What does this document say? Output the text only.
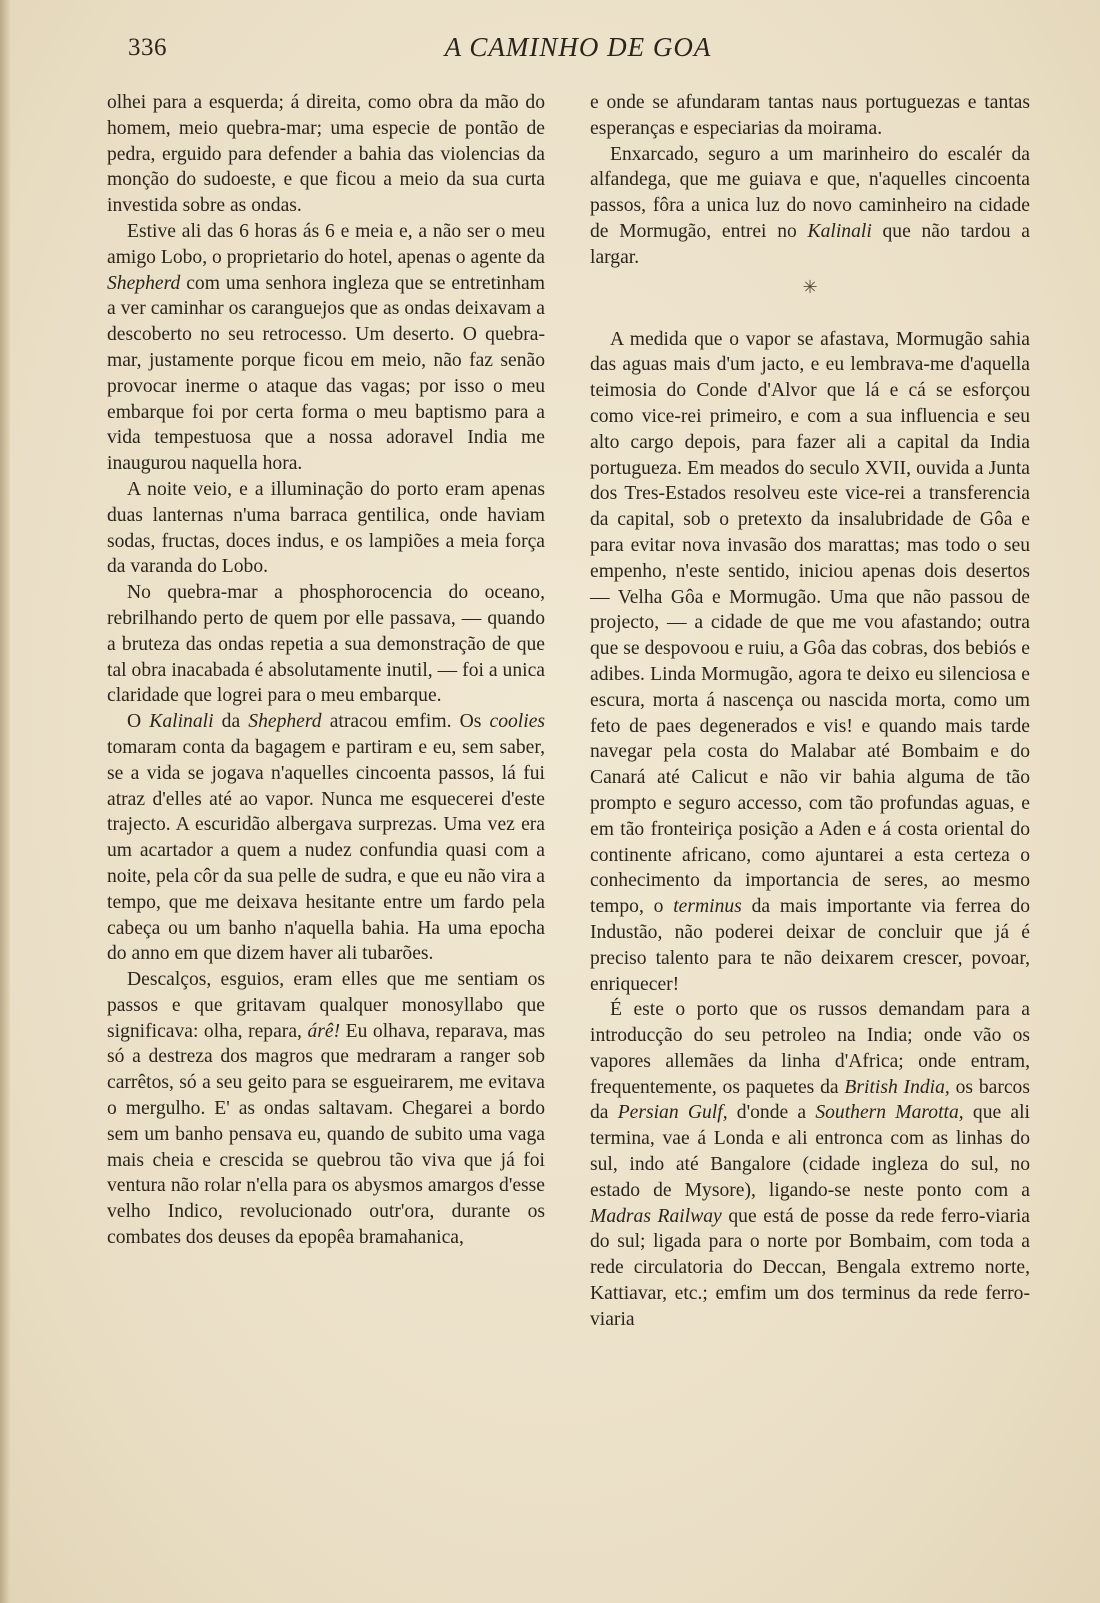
336	A CAMINHO DE GOA

olhei para a esquerda; á direita, como obra da mão do homem, meio quebra-mar; uma especie de pontão de pedra, erguido para defender a bahia das violencias da monção do sudoeste, e que ficou a meio da sua curta investida sobre as ondas.

Estive ali das 6 horas ás 6 e meia e, a não ser o meu amigo Lobo, o proprietario do hotel, apenas o agente da Shepherd com uma senhora ingleza que se entretinham a ver caminhar os caranguejos que as ondas deixavam a descoberto no seu retrocesso. Um deserto. O quebra-mar, justamente porque ficou em meio, não faz senão provocar inerme o ataque das vagas; por isso o meu embarque foi por certa forma o meu baptismo para a vida tempestuosa que a nossa adoravel India me inaugurou naquella hora.

A noite veio, e a illuminação do porto eram apenas duas lanternas n'uma barraca gentilica, onde haviam sodas, fructas, doces indus, e os lampiões a meia força da varanda do Lobo.

No quebra-mar a phosphorocencia do oceano, rebrilhando perto de quem por elle passava, — quando a bruteza das ondas repetia a sua demonstração de que tal obra inacabada é absolutamente inutil, — foi a unica claridade que logrei para o meu embarque.

O Kalinali da Shepherd atracou emfim. Os coolies tomaram conta da bagagem e partiram e eu, sem saber, se a vida se jogava n'aquelles cincoenta passos, lá fui atraz d'elles até ao vapor. Nunca me esquecerei d'este trajecto. A escuridão albergava surprezas. Uma vez era um acartador a quem a nudez confundia quasi com a noite, pela côr da sua pelle de sudra, e que eu não vira a tempo, que me deixava hesitante entre um fardo pela cabeça ou um banho n'aquella bahia. Ha uma epocha do anno em que dizem haver ali tubarões.

Descalços, esguios, eram elles que me sentiam os passos e que gritavam qualquer monosyllabo que significava: olha, repara, árê! Eu olhava, reparava, mas só a destreza dos magros que medraram a ranger sob carrêtos, só a seu geito para se esgueirarem, me evitava o mergulho. E' as ondas saltavam. Chegarei a bordo sem um banho pensava eu, quando de subito uma vaga mais cheia e crescida se quebrou tão viva que já foi ventura não rolar n'ella para os abysmos amargos d'esse velho Indico, revolucionado outr'ora, durante os combates dos deuses da epopêa bramahanica,

e onde se afundaram tantas naus portuguezas e tantas esperanças e especiarias da moirama.

Enxarcado, seguro a um marinheiro do escalér da alfandega, que me guiava e que, n'aquelles cincoenta passos, fôra a unica luz do novo caminheiro na cidade de Mormugão, entrei no Kalinali que não tardou a largar.

✳

A medida que o vapor se afastava, Mormugão sahia das aguas mais d'um jacto, e eu lembrava-me d'aquella teimosia do Conde d'Alvor que lá e cá se esforçou como vice-rei primeiro, e com a sua influencia e seu alto cargo depois, para fazer ali a capital da India portugueza. Em meados do seculo XVII, ouvida a Junta dos Tres-Estados resolveu este vice-rei a transferencia da capital, sob o pretexto da insalubridade de Gôa e para evitar nova invasão dos marattas; mas todo o seu empenho, n'este sentido, iniciou apenas dois desertos — Velha Gôa e Mormugão. Uma que não passou de projecto, — a cidade de que me vou afastando; outra que se despovoou e ruiu, a Gôa das cobras, dos bebiós e adibes. Linda Mormugão, agora te deixo eu silenciosa e escura, morta á nascença ou nascida morta, como um feto de paes degenerados e vis! e quando mais tarde navegar pela costa do Malabar até Bombaim e do Canará até Calicut e não vir bahia alguma de tão prompto e seguro accesso, com tão profundas aguas, e em tão fronteiriça posição a Aden e á costa oriental do continente africano, como ajuntarei a esta certeza o conhecimento da importancia de seres, ao mesmo tempo, o terminus da mais importante via ferrea do Industão, não poderei deixar de concluir que já é preciso talento para te não deixarem crescer, povoar, enriquecer!

É este o porto que os russos demandam para a introducção do seu petroleo na India; onde vão os vapores allemães da linha d'Africa; onde entram, frequentemente, os paquetes da British India, os barcos da Persian Gulf, d'onde a Southern Marotta, que ali termina, vae á Londa e ali entronca com as linhas do sul, indo até Bangalore (cidade ingleza do sul, no estado de Mysore), ligando-se neste ponto com a Madras Railway que está de posse da rede ferro-viaria do sul; ligada para o norte por Bombaim, com toda a rede circulatoria do Deccan, Bengala extremo norte, Kattiavar, etc.; emfim um dos terminus da rede ferro-viaria
